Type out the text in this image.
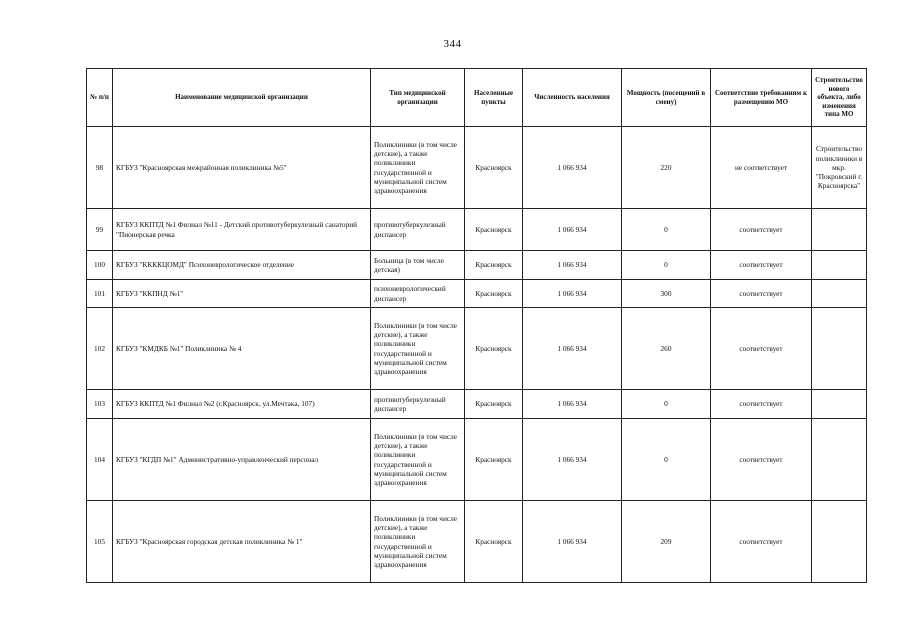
344
№ п/п	Наименование медицинской организации	Тип медицинской организации	Населенные пункты	Численность населения	Мощность (посещений в смену)	Соответствие требованиям к размещению МО	Строительство нового объекта, либо изменения типа МО
98	КГБУЗ "Красноярская межрайонная поликлиника №5"	Поликлиники (в том числе детские), а также поликлиники государственной и муниципальной систем здравоохранения	Красноярск	1 066 934	220	не соответствует	Строительство поликлиники в мкр. "Покровский г. Красноярска"
99	КГБУЗ ККПТД №1 Филиал №11 - Детский противотуберкулезный санаторий "Пионерская речка	противотуберкулезный диспансер	Красноярск	1 066 934	0	соответствует	
100	КГБУЗ "ККККЦОМД" Психоневрологическое отделение	Больница (в том числе детская)	Красноярск	1 066 934	0	соответствует	
101	КГБУЗ "ККПНД №1"	психоневрологический диспансер	Красноярск	1 066 934	300	соответствует	
102	КГБУЗ "КМДКБ №1" Поликлиника № 4	Поликлиники (в том числе детские), а также поликлиники государственной и муниципальной систем здравоохранения	Красноярск	1 066 934	260	соответствует	
103	КГБУЗ ККПТД №1 Филиал №2 (г.Красноярск, ул.Мечтака, 107)	противотуберкулезный диспансер	Красноярск	1 066 934	0	соответствует	
104	КГБУЗ "КГДП №1" Административно-управленческий персонал	Поликлиники (в том числе детские), а также поликлиники государственной и муниципальной систем здравоохранения	Красноярск	1 066 934	0	соответствует	
105	КГБУЗ "Красноярская городская детская поликлиника № 1"	Поликлиники (в том числе детские), а также поликлиники государственной и муниципальной систем здравоохранения	Красноярск	1 066 934	209	соответствует	
